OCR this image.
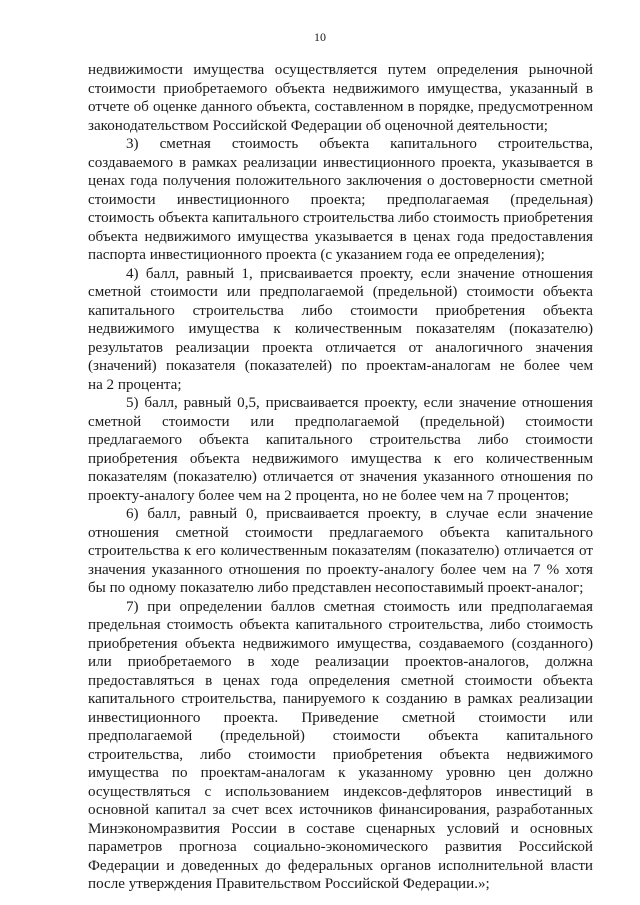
10
недвижимости имущества осуществляется путем определения рыночной
стоимости приобретаемого объекта недвижимого имущества, указанный в
отчете об оценке данного объекта, составленном в порядке, предусмотренном
законодательством Российской Федерации об оценочной деятельности;
3) сметная стоимость объекта капитального строительства,
создаваемого в рамках реализации инвестиционного проекта, указывается в
ценах года получения положительного заключения о достоверности сметной
стоимости инвестиционного проекта; предполагаемая (предельная)
стоимость объекта капитального строительства либо стоимость приобретения
объекта недвижимого имущества указывается в ценах года предоставления
паспорта инвестиционного проекта (с указанием года ее определения);
4) балл, равный 1, присваивается проекту, если значение отношения
сметной стоимости или предполагаемой (предельной) стоимости объекта
капитального строительства либо стоимости приобретения объекта
недвижимого имущества к количественным показателям (показателю)
результатов реализации проекта отличается от аналогичного значения
(значений) показателя (показателей) по проектам-аналогам не более чем
на 2 процента;
5) балл, равный 0,5, присваивается проекту, если значение отношения
сметной стоимости или предполагаемой (предельной) стоимости
предлагаемого объекта капитального строительства либо стоимости
приобретения объекта недвижимого имущества к его количественным
показателям (показателю) отличается от значения указанного отношения по
проекту-аналогу более чем на 2 процента, но не более чем на 7 процентов;
6) балл, равный 0, присваивается проекту, в случае если значение
отношения сметной стоимости предлагаемого объекта капитального
строительства к его количественным показателям (показателю) отличается от
значения указанного отношения по проекту-аналогу более чем на 7 % хотя
бы по одному показателю либо представлен несопоставимый проект-аналог;
7) при определении баллов сметная стоимость или предполагаемая
предельная стоимость объекта капитального строительства, либо стоимость
приобретения объекта недвижимого имущества, создаваемого (созданного)
или приобретаемого в ходе реализации проектов-аналогов, должна
предоставляться в ценах года определения сметной стоимости объекта
капитального строительства, панируемого к созданию в рамках реализации
инвестиционного проекта. Приведение сметной стоимости или
предполагаемой (предельной) стоимости объекта капитального
строительства, либо стоимости приобретения объекта недвижимого
имущества по проектам-аналогам к указанному уровню цен должно
осуществляться с использованием индексов-дефляторов инвестиций в
основной капитал за счет всех источников финансирования, разработанных
Минэкономразвития России в составе сценарных условий и основных
параметров прогноза социально-экономического развития Российской
Федерации и доведенных до федеральных органов исполнительной власти
после утверждения Правительством Российской Федерации.»;
